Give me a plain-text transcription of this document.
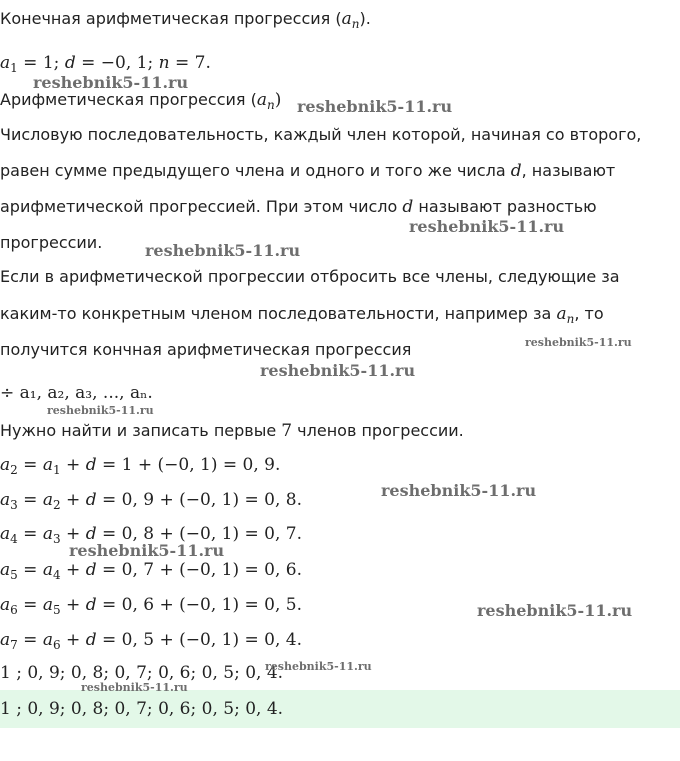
Конечная арифметическая прогрессия $(a_n)$.
$a_1 = 1$; d = −0, 1; n = 7.
Арифметическая прогрессия $(a_n)$
Числовую последовательность, каждый член которой, начиная со второго,
равен сумме предыдущего члена и одного и того же числа d, называют
арифметической прогрессией. При этом число d называют разностью
прогрессии.
Если в арифметической прогрессии отбросить все члены, следующие за
каким-то конкретным членом последовательности, например за $a_n$, то
получится кончная арифметическая прогрессия
÷ a₁, a₂, a₃, ..., aₙ.
Нужно найти и записать первые 7 членов прогрессии.
$a_2 = a_1 + d = 1 + (-0$, 1) = 0, 9.
$a_3 = a_2 + d = 0$, 9 + (−0, 1) = 0, 8.
$a_4 = a_3 + d = 0$, 8 + (−0, 1) = 0, 7.
$a_5 = a_4 + d = 0$, 7 + (−0, 1) = 0, 6.
$a_6 = a_5 + d = 0$, 6 + (−0, 1) = 0, 5.
$a_7 = a_6 + d = 0$, 5 + (−0, 1) = 0, 4.
1 ; 0, 9; 0, 8; 0, 7; 0, 6; 0, 5; 0, 4.
1 ; 0, 9; 0, 8; 0, 7; 0, 6; 0, 5; 0, 4.
reshebnik5-11.ru
reshebnik5-11.ru
reshebnik5-11.ru
reshebnik5-11.ru
reshebnik5-11.ru
reshebnik5-11.ru
reshebnik5-11.ru
reshebnik5-11.ru
reshebnik5-11.ru
reshebnik5-11.ru
reshebnik5-11.ru
reshebnik5-11.ru
